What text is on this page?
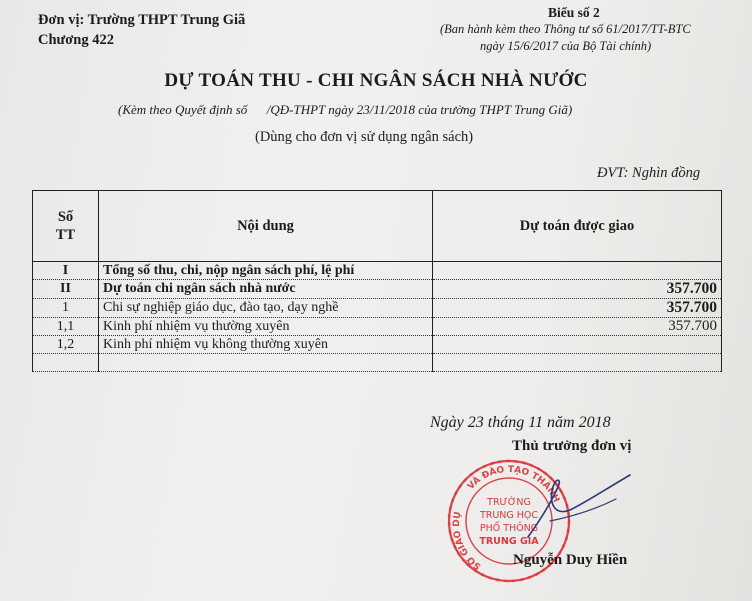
Đơn vị: Trường THPT Trung Giã
Chương 422
Biểu số 2
(Ban hành kèm theo Thông tư số 61/2017/TT-BTC
ngày 15/6/2017 của Bộ Tài chính)
DỰ TOÁN THU - CHI NGÂN SÁCH NHÀ NƯỚC
(Kèm theo Quyết định số      /QĐ-THPT ngày 23/11/2018 của trường THPT Trung Giã)
(Dùng cho đơn vị sử dụng ngân sách)
ĐVT: Nghìn đồng
Số
TT	Nội dung	Dự toán được giao
I	Tổng số thu, chi, nộp ngân sách phí, lệ phí	
II	Dự toán chi ngân sách nhà nước	357.700
1	Chi sự nghiệp giáo dục, đào tạo, dạy nghề	357.700
1,1	Kinh phí nhiệm vụ thường xuyên	357.700
1,2	Kinh phí nhiệm vụ không thường xuyên	

Ngày 23 tháng 11 năm 2018
Thủ trưởng đơn vị
VÀ ĐÀO TẠO THÀNH
SỞ GIÁO DỤ
TRƯỜNG
TRUNG HỌC
PHỔ THÔNG
TRUNG GIÃ
Nguyễn Duy Hiền
